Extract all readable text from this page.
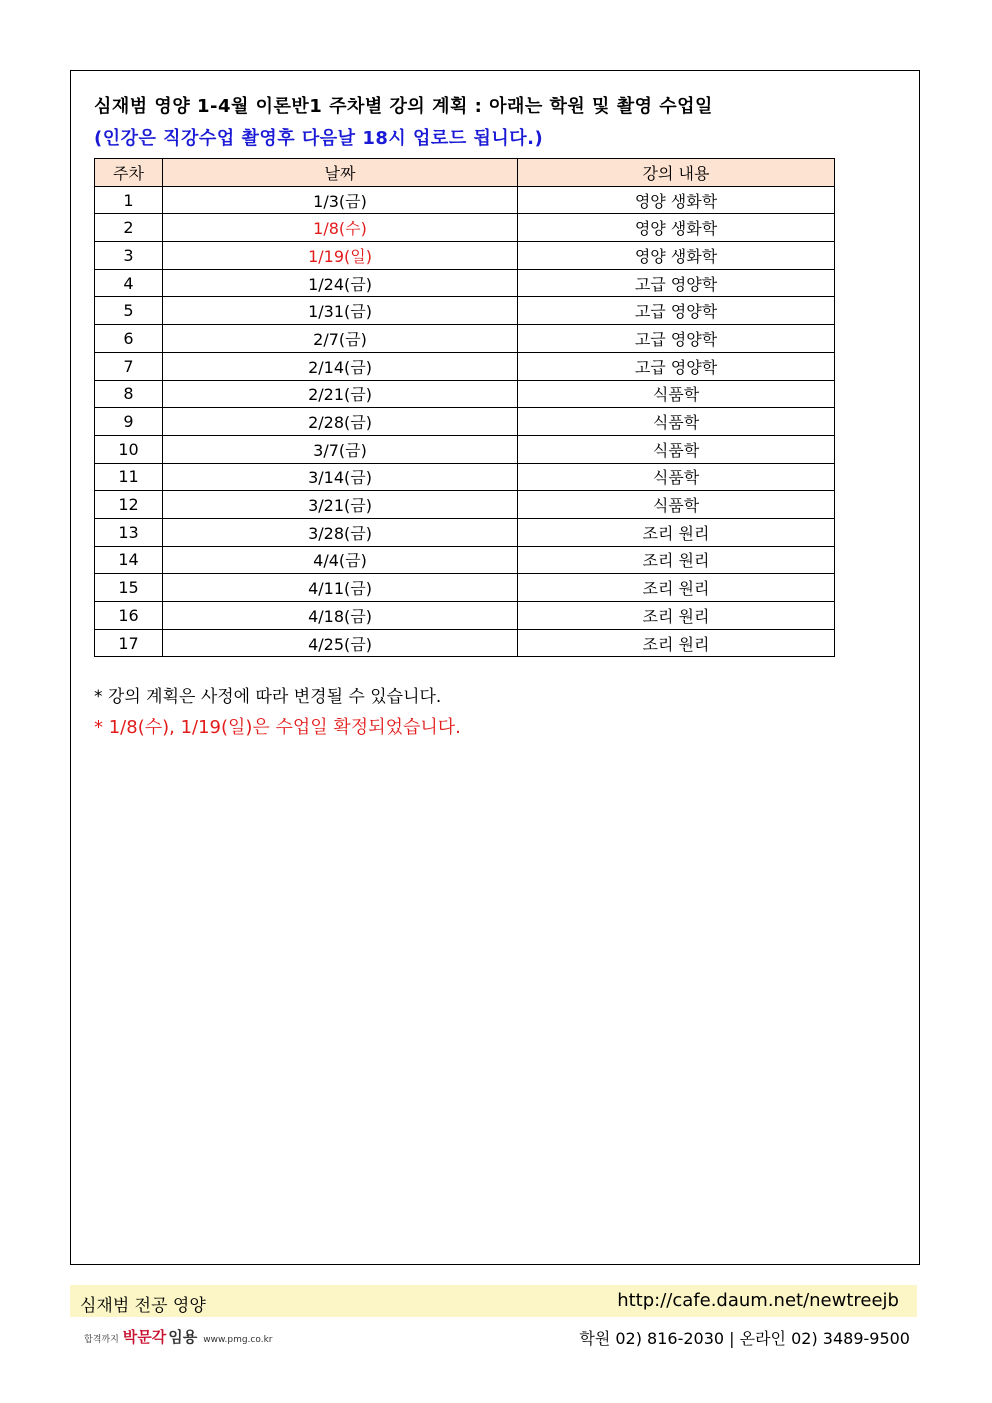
심재범 영양 1-4월 이론반1 주차별 강의 계획 : 아래는 학원 및 촬영 수업일
(인강은 직강수업 촬영후 다음날 18시 업로드 됩니다.)
주차	날짜	강의 내용
1	1/3(금)	영양 생화학
2	1/8(수)	영양 생화학
3	1/19(일)	영양 생화학
4	1/24(금)	고급 영양학
5	1/31(금)	고급 영양학
6	2/7(금)	고급 영양학
7	2/14(금)	고급 영양학
8	2/21(금)	식품학
9	2/28(금)	식품학
10	3/7(금)	식품학
11	3/14(금)	식품학
12	3/21(금)	식품학
13	3/28(금)	조리 원리
14	4/4(금)	조리 원리
15	4/11(금)	조리 원리
16	4/18(금)	조리 원리
17	4/25(금)	조리 원리
* 강의 계획은 사정에 따라 변경될 수 있습니다.
* 1/8(수), 1/19(일)은 수업일 확정되었습니다.
심재범 전공 영양	http://cafe.daum.net/newtreejb
합격까지 박문각 임용 www.pmg.co.kr	학원 02) 816-2030 | 온라인 02) 3489-9500
